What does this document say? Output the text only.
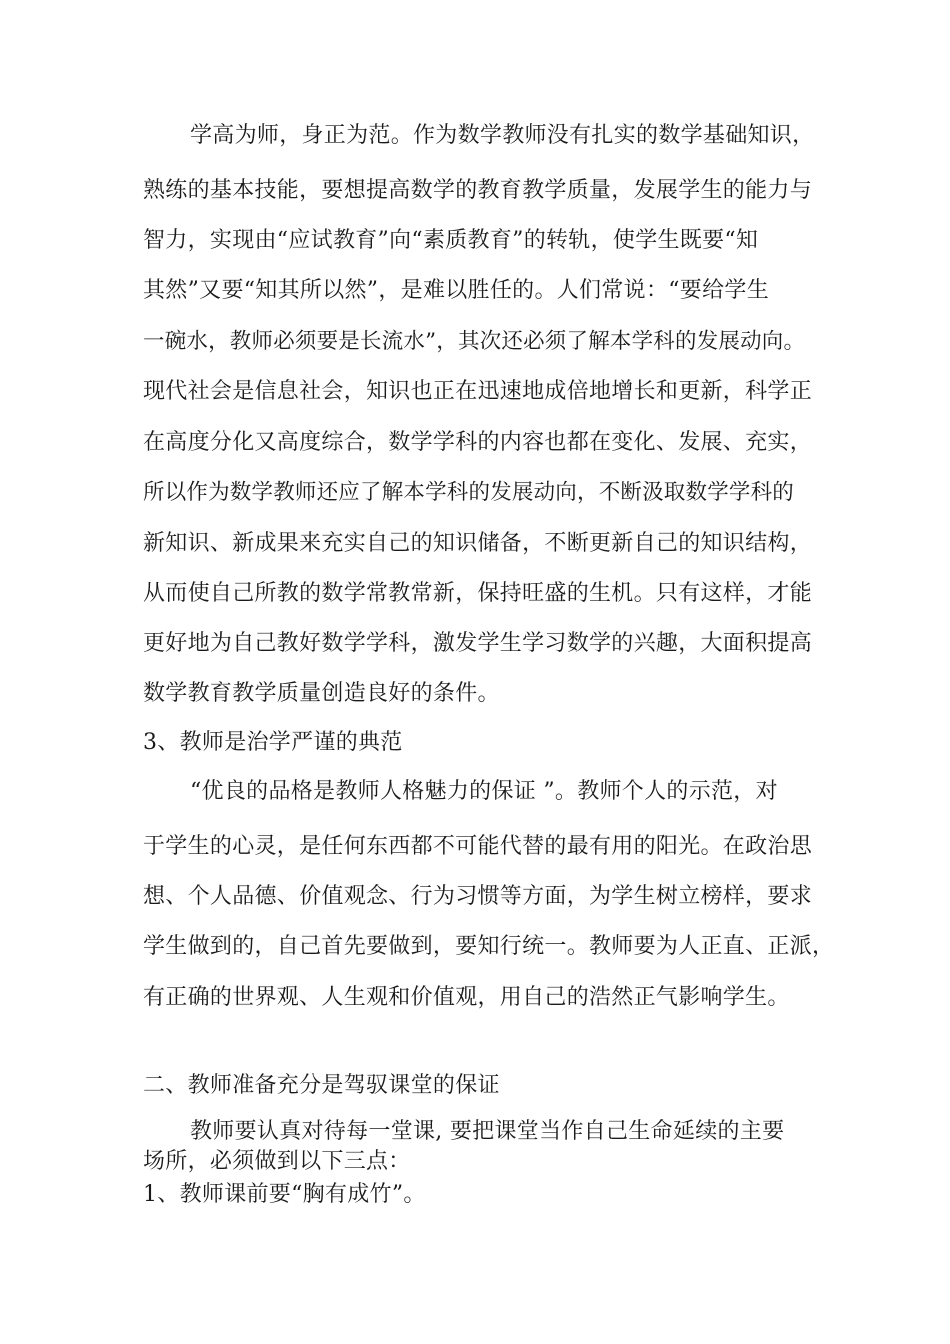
学高为师，身正为范。作为数学教师没有扎实的数学基础知识，
熟练的基本技能，要想提高数学的教育教学质量，发展学生的能力与
智力，实现由“应试教育”向“素质教育”的转轨，使学生既要“知
其然”又要“知其所以然”，是难以胜任的。人们常说：“要给学生
一碗水，教师必须要是长流水”，其次还必须了解本学科的发展动向。
现代社会是信息社会，知识也正在迅速地成倍地增长和更新，科学正
在高度分化又高度综合，数学学科的内容也都在变化、发展、充实，
所以作为数学教师还应了解本学科的发展动向，不断汲取数学学科的
新知识、新成果来充实自己的知识储备，不断更新自己的知识结构，
从而使自己所教的数学常教常新，保持旺盛的生机。只有这样，才能
更好地为自己教好数学学科，激发学生学习数学的兴趣，大面积提高
数学教育教学质量创造良好的条件。
3、教师是治学严谨的典范
“优良的品格是教师人格魅力的保证 ”。教师个人的示范，对
于学生的心灵，是任何东西都不可能代替的最有用的阳光。在政治思
想、个人品德、价值观念、行为习惯等方面，为学生树立榜样，要求
学生做到的，自己首先要做到，要知行统一。教师要为人正直、正派，
有正确的世界观、人生观和价值观，用自己的浩然正气影响学生。
二、教师准备充分是驾驭课堂的保证
教师要认真对待每一堂课, 要把课堂当作自己生命延续的主要
场所，必须做到以下三点：
1、教师课前要“胸有成竹”。
